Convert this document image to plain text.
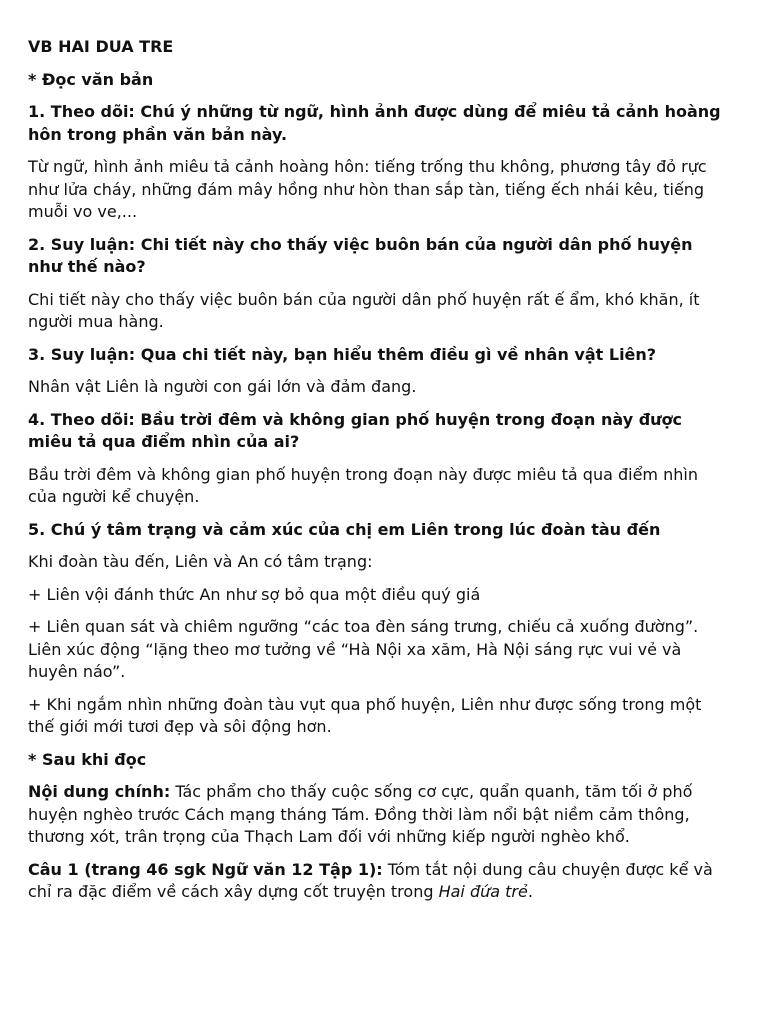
VB HAI DUA TRE
* Đọc văn bản
1. Theo dõi: Chú ý những từ ngữ, hình ảnh được dùng để miêu tả cảnh hoàng hôn trong phần văn bản này.
Từ ngữ, hình ảnh miêu tả cảnh hoàng hôn: tiếng trống thu không, phương tây đỏ rực như lửa cháy, những đám mây hồng như hòn than sắp tàn, tiếng ếch nhái kêu, tiếng muỗi vo ve,...
2. Suy luận: Chi tiết này cho thấy việc buôn bán của người dân phố huyện như thế nào?
Chi tiết này cho thấy việc buôn bán của người dân phố huyện rất ế ẩm, khó khăn, ít người mua hàng.
3. Suy luận: Qua chi tiết này, bạn hiểu thêm điều gì về nhân vật Liên?
Nhân vật Liên là người con gái lớn và đảm đang.
4. Theo dõi: Bầu trời đêm và không gian phố huyện trong đoạn này được miêu tả qua điểm nhìn của ai?
Bầu trời đêm và không gian phố huyện trong đoạn này được miêu tả qua điểm nhìn của người kể chuyện.
5. Chú ý tâm trạng và cảm xúc của chị em Liên trong lúc đoàn tàu đến
Khi đoàn tàu đến, Liên và An có tâm trạng:
+ Liên vội đánh thức An như sợ bỏ qua một điều quý giá
+ Liên quan sát và chiêm ngưỡng “các toa đèn sáng trưng, chiếu cả xuống đường”. Liên xúc động “lặng theo mơ tưởng về “Hà Nội xa xăm, Hà Nội sáng rực vui vẻ và huyên náo”.
+ Khi ngắm nhìn những đoàn tàu vụt qua phố huyện, Liên như được sống trong một thế giới mới tươi đẹp và sôi động hơn.
* Sau khi đọc
Nội dung chính: Tác phẩm cho thấy cuộc sống cơ cực, quẩn quanh, tăm tối ở phố huyện nghèo trước Cách mạng tháng Tám. Đồng thời làm nổi bật niềm cảm thông, thương xót, trân trọng của Thạch Lam đối với những kiếp người nghèo khổ.
Câu 1 (trang 46 sgk Ngữ văn 12 Tập 1): Tóm tắt nội dung câu chuyện được kể và chỉ ra đặc điểm về cách xây dựng cốt truyện trong Hai đứa trẻ.
